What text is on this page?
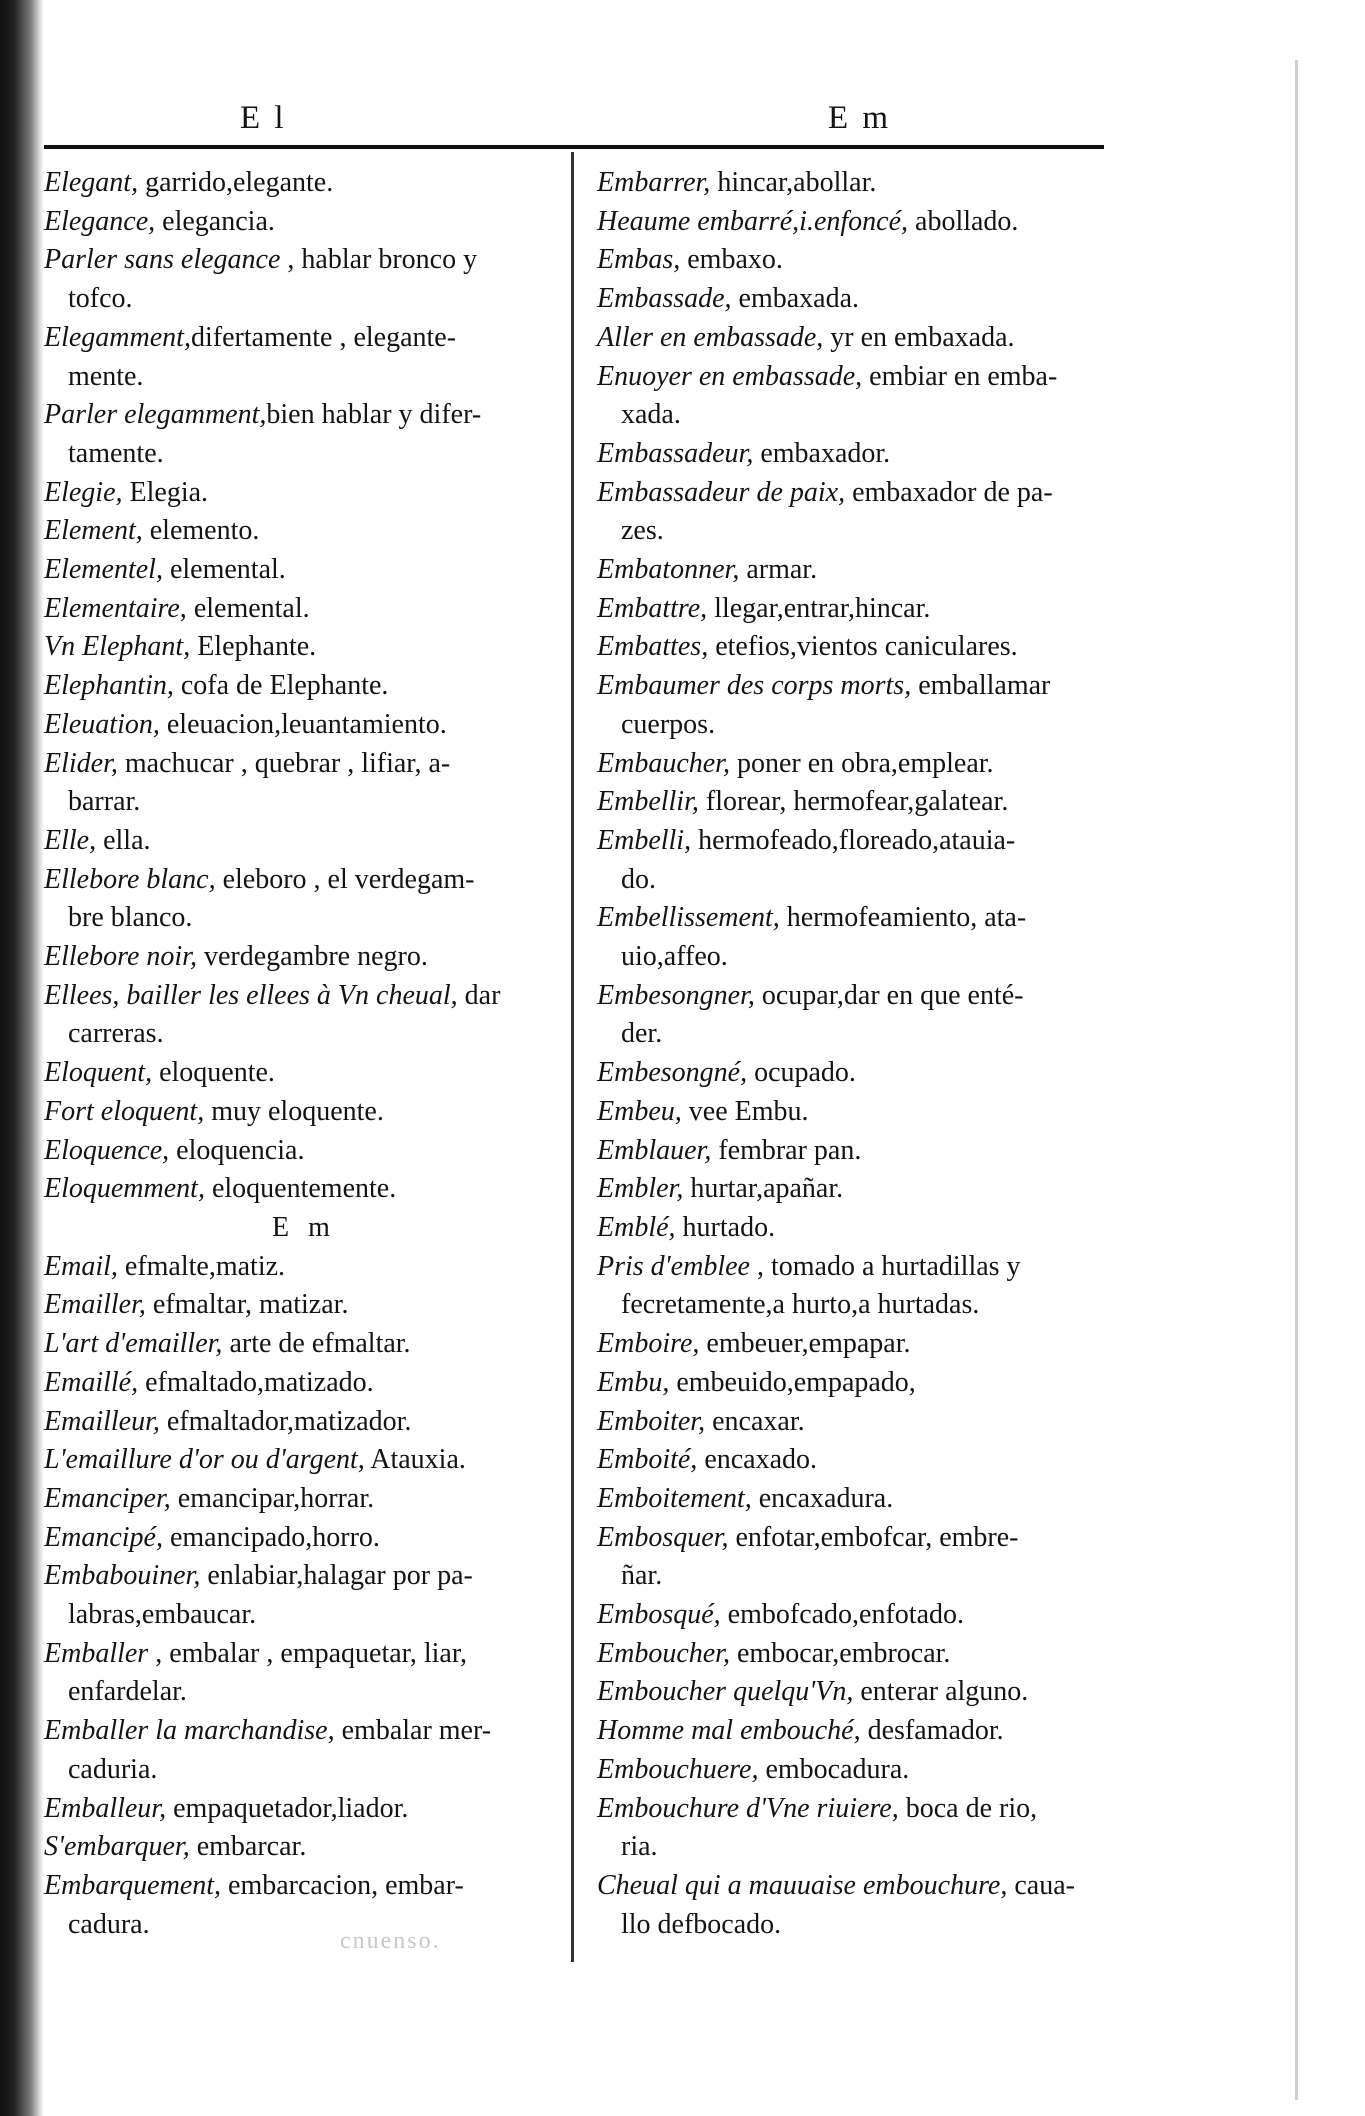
E l	E m

Elegant, garrido,elegante.

Elegance, elegancia.

Parler sans elegance , hablar bronco y
tofco.

Elegamment,difertamente , elegante-
mente.

Parler elegamment,bien hablar y difer-
tamente.

Elegie, Elegia.

Element, elemento.

Elementel, elemental.

Elementaire, elemental.

Vn Elephant, Elephante.

Elephantin, cofa de Elephante.

Eleuation, eleuacion,leuantamiento.

Elider, machucar , quebrar , lifiar, a-
barrar.

Elle, ella.

Ellebore blanc, eleboro , el verdegam-
bre blanco.

Ellebore noir, verdegambre negro.

Ellees, bailler les ellees à Vn cheual, dar
carreras.

Eloquent, eloquente.

Fort eloquent, muy eloquente.

Eloquence, eloquencia.

Eloquemment, eloquentemente.

E m

Email, efmalte,matiz.

Emailler, efmaltar, matizar.

L'art d'emailler, arte de efmaltar.

Emaillé, efmaltado,matizado.

Emailleur, efmaltador,matizador.

L'emaillure d'or ou d'argent, Atauxia.

Emanciper, emancipar,horrar.

Emancipé, emancipado,horro.

Embabouiner, enlabiar,halagar por pa-
labras,embaucar.

Emballer , embalar , empaquetar, liar,
enfardelar.

Emballer la marchandise, embalar mer-
caduria.

Emballeur, empaquetador,liador.

S'embarquer, embarcar.

Embarquement, embarcacion, embar-
cadura.

Embarrer, hincar,abollar.

Heaume embarré,i.enfoncé, abollado.

Embas, embaxo.

Embassade, embaxada.

Aller en embassade, yr en embaxada.

Enuoyer en embassade, embiar en emba-
xada.

Embassadeur, embaxador.

Embassadeur de paix, embaxador de pa-
zes.

Embatonner, armar.

Embattre, llegar,entrar,hincar.

Embattes, etefios,vientos caniculares.

Embaumer des corps morts, emballamar
cuerpos.

Embaucher, poner en obra,emplear.

Embellir, florear, hermofear,galatear.

Embelli, hermofeado,floreado,atauia-
do.

Embellissement, hermofeamiento, ata-
uio,affeo.

Embesongner, ocupar,dar en que enté-
der.

Embesongné, ocupado.

Embeu, vee Embu.

Emblauer, fembrar pan.

Embler, hurtar,apañar.

Emblé, hurtado.

Pris d'emblee , tomado a hurtadillas y
fecretamente,a hurto,a hurtadas.

Emboire, embeuer,empapar.

Embu, embeuido,empapado,

Emboiter, encaxar.

Emboité, encaxado.

Emboitement, encaxadura.

Embosquer, enfotar,embofcar, embre-
ñar.

Embosqué, embofcado,enfotado.

Emboucher, embocar,embrocar.

Emboucher quelqu'Vn, enterar alguno.

Homme mal embouché, desfamador.

Embouchuere, embocadura.

Embouchure d'Vne riuiere, boca de rio,
ria.

Cheual qui a mauuaise embouchure, caua-
llo defbocado.

cnuenso.
